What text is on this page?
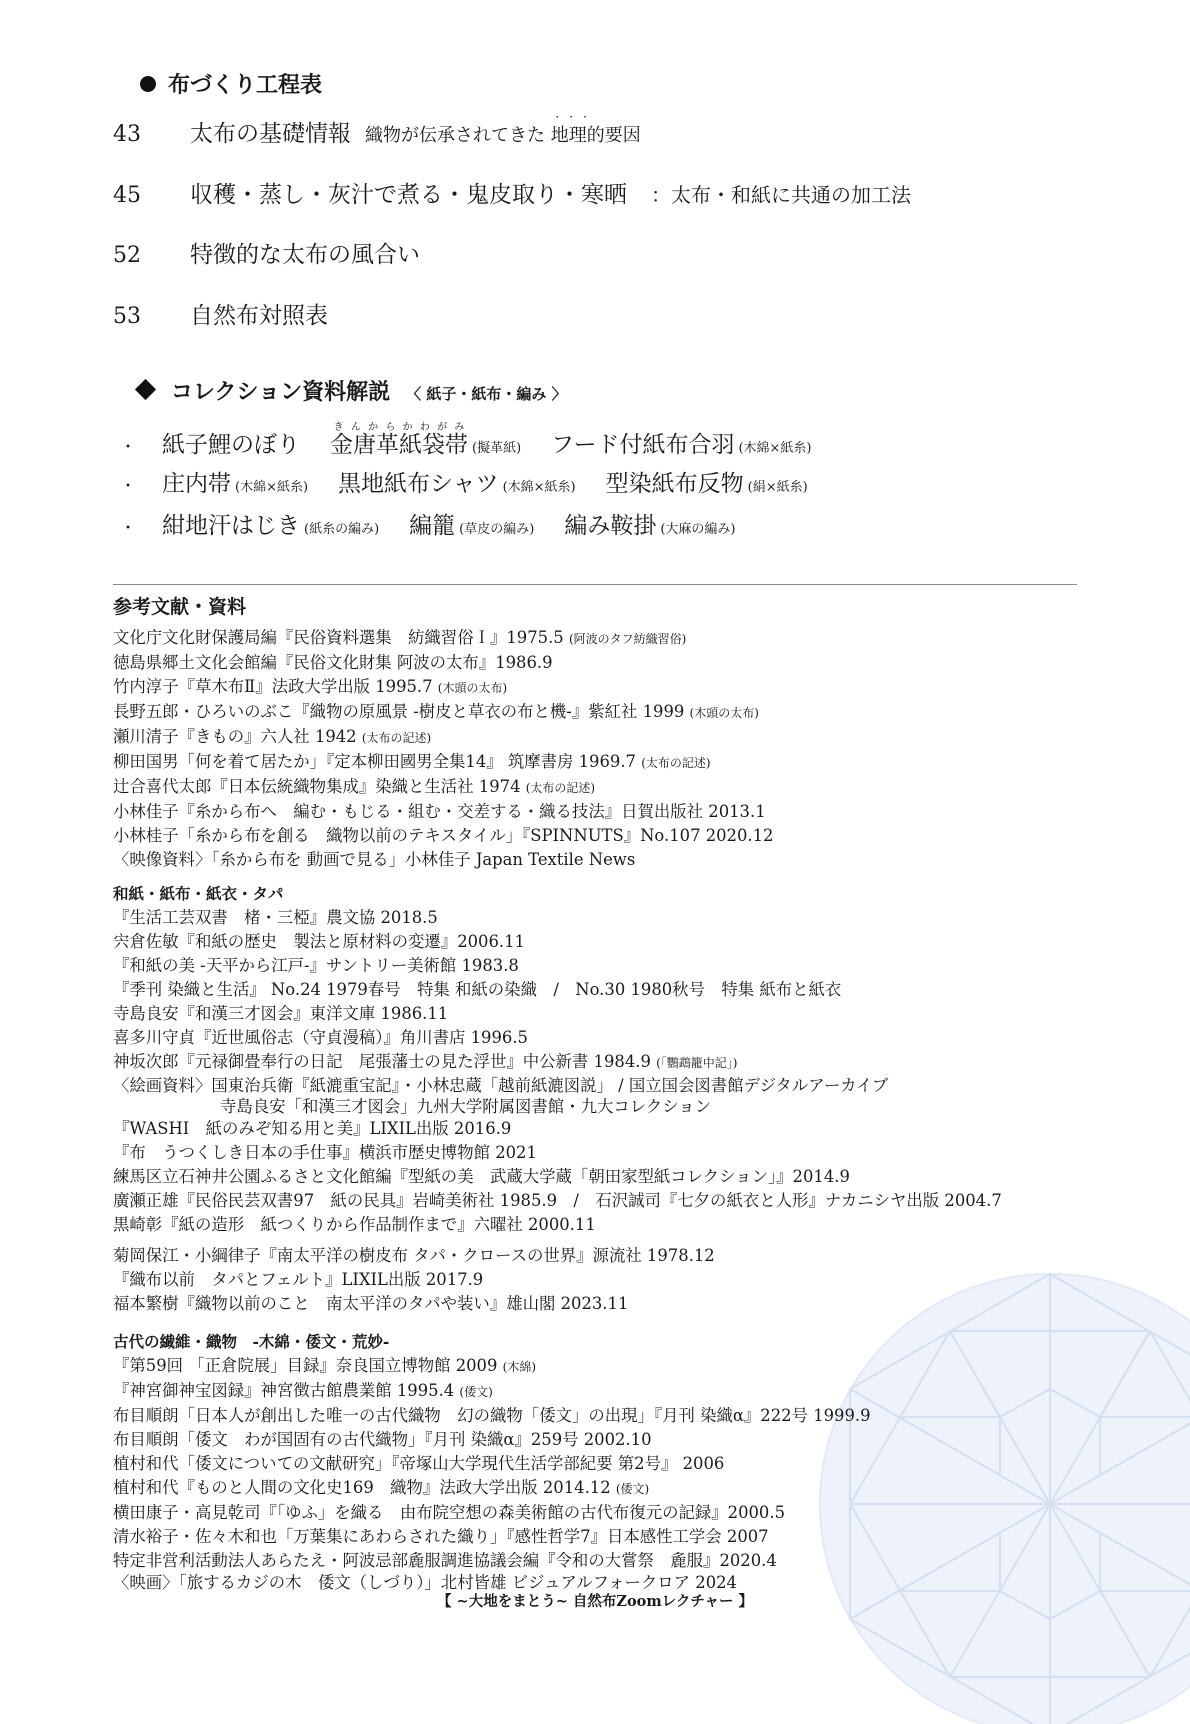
布づくり工程表
43	太布の基礎情報 織物が伝承されてきた ・ ・ ・ 地理的要因
45	収穫・蒸し・灰汁で煮る・鬼皮取り・寒晒 ：太布・和紙に共通の加工法
52	特徴的な太布の風合い
53	自然布対照表
コレクション資料解説 〈 紙子・紙布・編み 〉
・	紙子鯉のぼり 金唐革紙袋帯きんからかわがみ(擬革紙) フード付紙布合羽 (木綿×紙糸)
・	庄内帯 (木綿×紙糸) 黒地紙布シャツ (木綿×紙糸) 型染紙布反物 (絹×紙糸)
・	紺地汗はじき (紙糸の編み) 編籠 (草皮の編み) 編み鞍掛 (大麻の編み)
参考文献・資料
文化庁文化財保護局編『民俗資料選集　紡織習俗Ｉ』1975.5 (阿波のタフ紡織習俗)
徳島県郷土文化会館編『民俗文化財集 阿波の太布』1986.9
竹内淳子『草木布Ⅱ』法政大学出版 1995.7 (木頭の太布)
長野五郎・ひろいのぶこ『織物の原風景 -樹皮と草衣の布と機-』紫紅社 1999 (木頭の太布)
瀬川清子『きもの』六人社 1942 (太布の記述)
柳田国男「何を着て居たか」『定本柳田國男全集14』 筑摩書房 1969.7 (太布の記述)
辻合喜代太郎『日本伝統織物集成』染織と生活社 1974 (太布の記述)
小林佳子『糸から布へ　編む・もじる・組む・交差する・織る技法』日賀出版社 2013.1
小林桂子「糸から布を創る　織物以前のテキスタイル」『SPINNUTS』No.107 2020.12
〈映像資料〉「糸から布を 動画で見る」小林佳子 Japan Textile News
和紙・紙布・紙衣・タパ
『生活工芸双書　楮・三椏』農文協 2018.5
宍倉佐敏『和紙の歴史　製法と原材料の変遷』2006.11
『和紙の美 -天平から江戸-』サントリー美術館 1983.8
『季刊 染織と生活』 No.24 1979春号　特集 和紙の染織　/　No.30 1980秋号　特集 紙布と紙衣
寺島良安『和漢三才図会』東洋文庫 1986.11
喜多川守貞『近世風俗志（守貞漫稿）』角川書店 1996.5
神坂次郎『元禄御畳奉行の日記　尾張藩士の見た浮世』中公新書 1984.9 (「鸚鵡籠中記」)
〈絵画資料〉国東治兵衛『紙漉重宝記』・小林忠蔵「越前紙漉図説」 / 国立国会図書館デジタルアーカイブ
寺島良安「和漢三才図会」九州大学附属図書館・九大コレクション
『WASHI　紙のみぞ知る用と美』LIXIL出版 2016.9
『布　うつくしき日本の手仕事』横浜市歴史博物館 2021
練馬区立石神井公園ふるさと文化館編『型紙の美　武蔵大学蔵「朝田家型紙コレクション」』2014.9
廣瀬正雄『民俗民芸双書97　紙の民具』岩崎美術社 1985.9　/　石沢誠司『七夕の紙衣と人形』ナカニシヤ出版 2004.7
黒崎彰『紙の造形　紙つくりから作品制作まで』六曜社 2000.11
菊岡保江・小綱律子『南太平洋の樹皮布 タパ・クロースの世界』源流社 1978.12
『織布以前　タパとフェルト』LIXIL出版 2017.9
福本繁樹『織物以前のこと　南太平洋のタパや装い』雄山閣 2023.11
古代の繊維・織物　-木綿・倭文・荒妙-
『第59回 「正倉院展」目録』奈良国立博物館 2009 (木綿)
『神宮御神宝図録』神宮徴古館農業館 1995.4 (倭文)
布目順朗「日本人が創出した唯一の古代織物　幻の織物「倭文」の出現」『月刊 染織α』222号 1999.9
布目順朗「倭文　わが国固有の古代織物」『月刊 染織α』259号 2002.10
植村和代「倭文についての文献研究」『帝塚山大学現代生活学部紀要 第2号』 2006
植村和代『ものと人間の文化史169　織物』法政大学出版 2014.12 (倭文)
横田康子・高見乾司『「ゆふ」を織る　由布院空想の森美術館の古代布復元の記録』2000.5
清水裕子・佐々木和也「万葉集にあわらされた織り」『感性哲学7』日本感性工学会 2007
特定非営利活動法人あらたえ・阿波忌部麁服調進協議会編『令和の大嘗祭　麁服』2020.4
〈映画〉「旅するカジの木　倭文（しづり）」北村皆雄 ビジュアルフォークロア 2024
【 ~大地をまとう~ 自然布Zoomレクチャー 】
